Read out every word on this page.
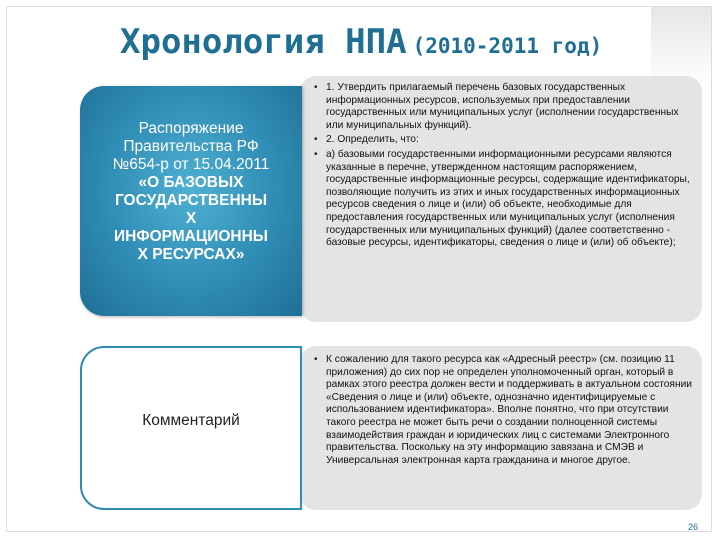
Хронология НПА (2010-2011 год)
• 1. Утвердить прилагаемый перечень базовых государственных информационных ресурсов, используемых при предоставлении государственных или муниципальных услуг (исполнении государственных или муниципальных функций).
• 2. Определить, что:
• а) базовыми государственными информационными ресурсами являются указанные в перечне, утвержденном настоящим распоряжением, государственные информационные ресурсы, содержащие идентификаторы, позволяющие получить из этих и иных государственных информационных ресурсов сведения о лице и (или) об объекте, необходимые для предоставления государственных или муниципальных услуг (исполнения государственных или муниципальных функций) (далее соответственно - базовые ресурсы, идентификаторы, сведения о лице и (или) об объекте);
Распоряжение
Правительства РФ
№654-р от 15.04.2011
«О БАЗОВЫХ
ГОСУДАРСТВЕННЫ
Х
ИНФОРМАЦИОННЫ
Х РЕСУРСАХ»
• К сожалению для такого ресурса как «Адресный реестр» (см. позицию 11 приложения) до сих пор не определен уполномоченный орган, который в рамках этого реестра должен вести и поддерживать в актуальном состоянии «Сведения о лице и (или) объекте, однозначно идентифицируемые с использованием идентификатора». Вполне понятно, что при отсутствии такого реестра не может быть речи о создании полноценной системы взаимодействия граждан и юридических лиц с системами Электронного правительства. Поскольку на эту информацию завязана и СМЭВ и Универсальная электронная карта гражданина и многое другое.
Комментарий
26
